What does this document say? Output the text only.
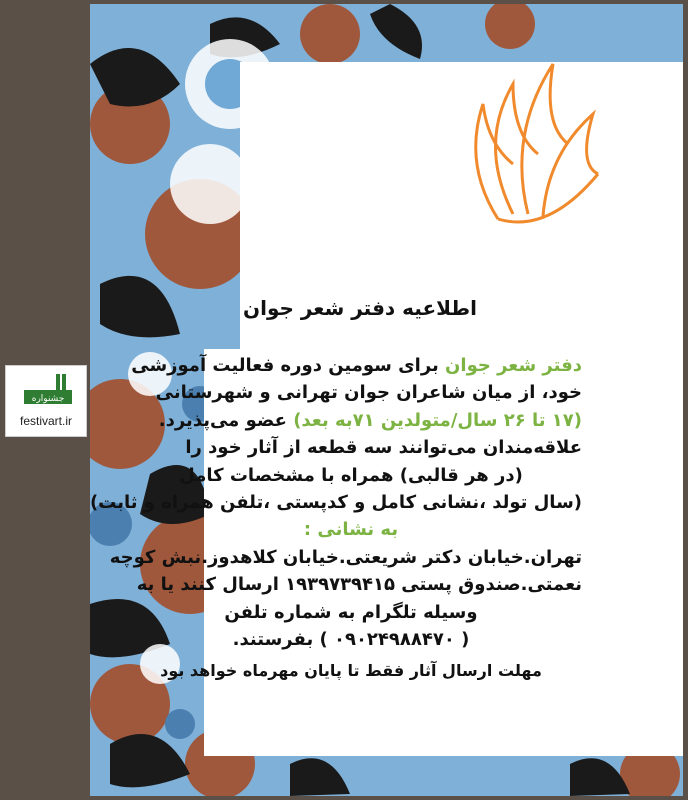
اطلاعیه دفتر شعر جوان

دفتر شعر جوان برای سومین دوره فعالیت آموزشی

خود، از میان شاعران جوان تهرانی و شهرستانی

(۱۷ تا ۲۶ سال/متولدین ۷۱به بعد) عضو می‌پذیرد.

علاقه‌مندان می‌توانند سه قطعه از آثار خود را

(در هر قالبی) همراه با مشخصات کامل

(سال تولد ،نشانی کامل و کدپستی ،تلفن همراه و ثابت)

به نشانی :

تهران.خیابان دکتر شریعتی.خیابان کلاهدوز.نبش کوچه

نعمتی.صندوق پستی ۱۹۳۹۷۳۹۴۱۵ ارسال کنند یا به

وسیله تلگرام به شماره تلفن

( ۰۹۰۲۴۹۸۸۴۷۰ ) بفرستند.

مهلت ارسال آثار فقط تا پایان مهرماه خواهد بود

جشنواره
festivart.ir
